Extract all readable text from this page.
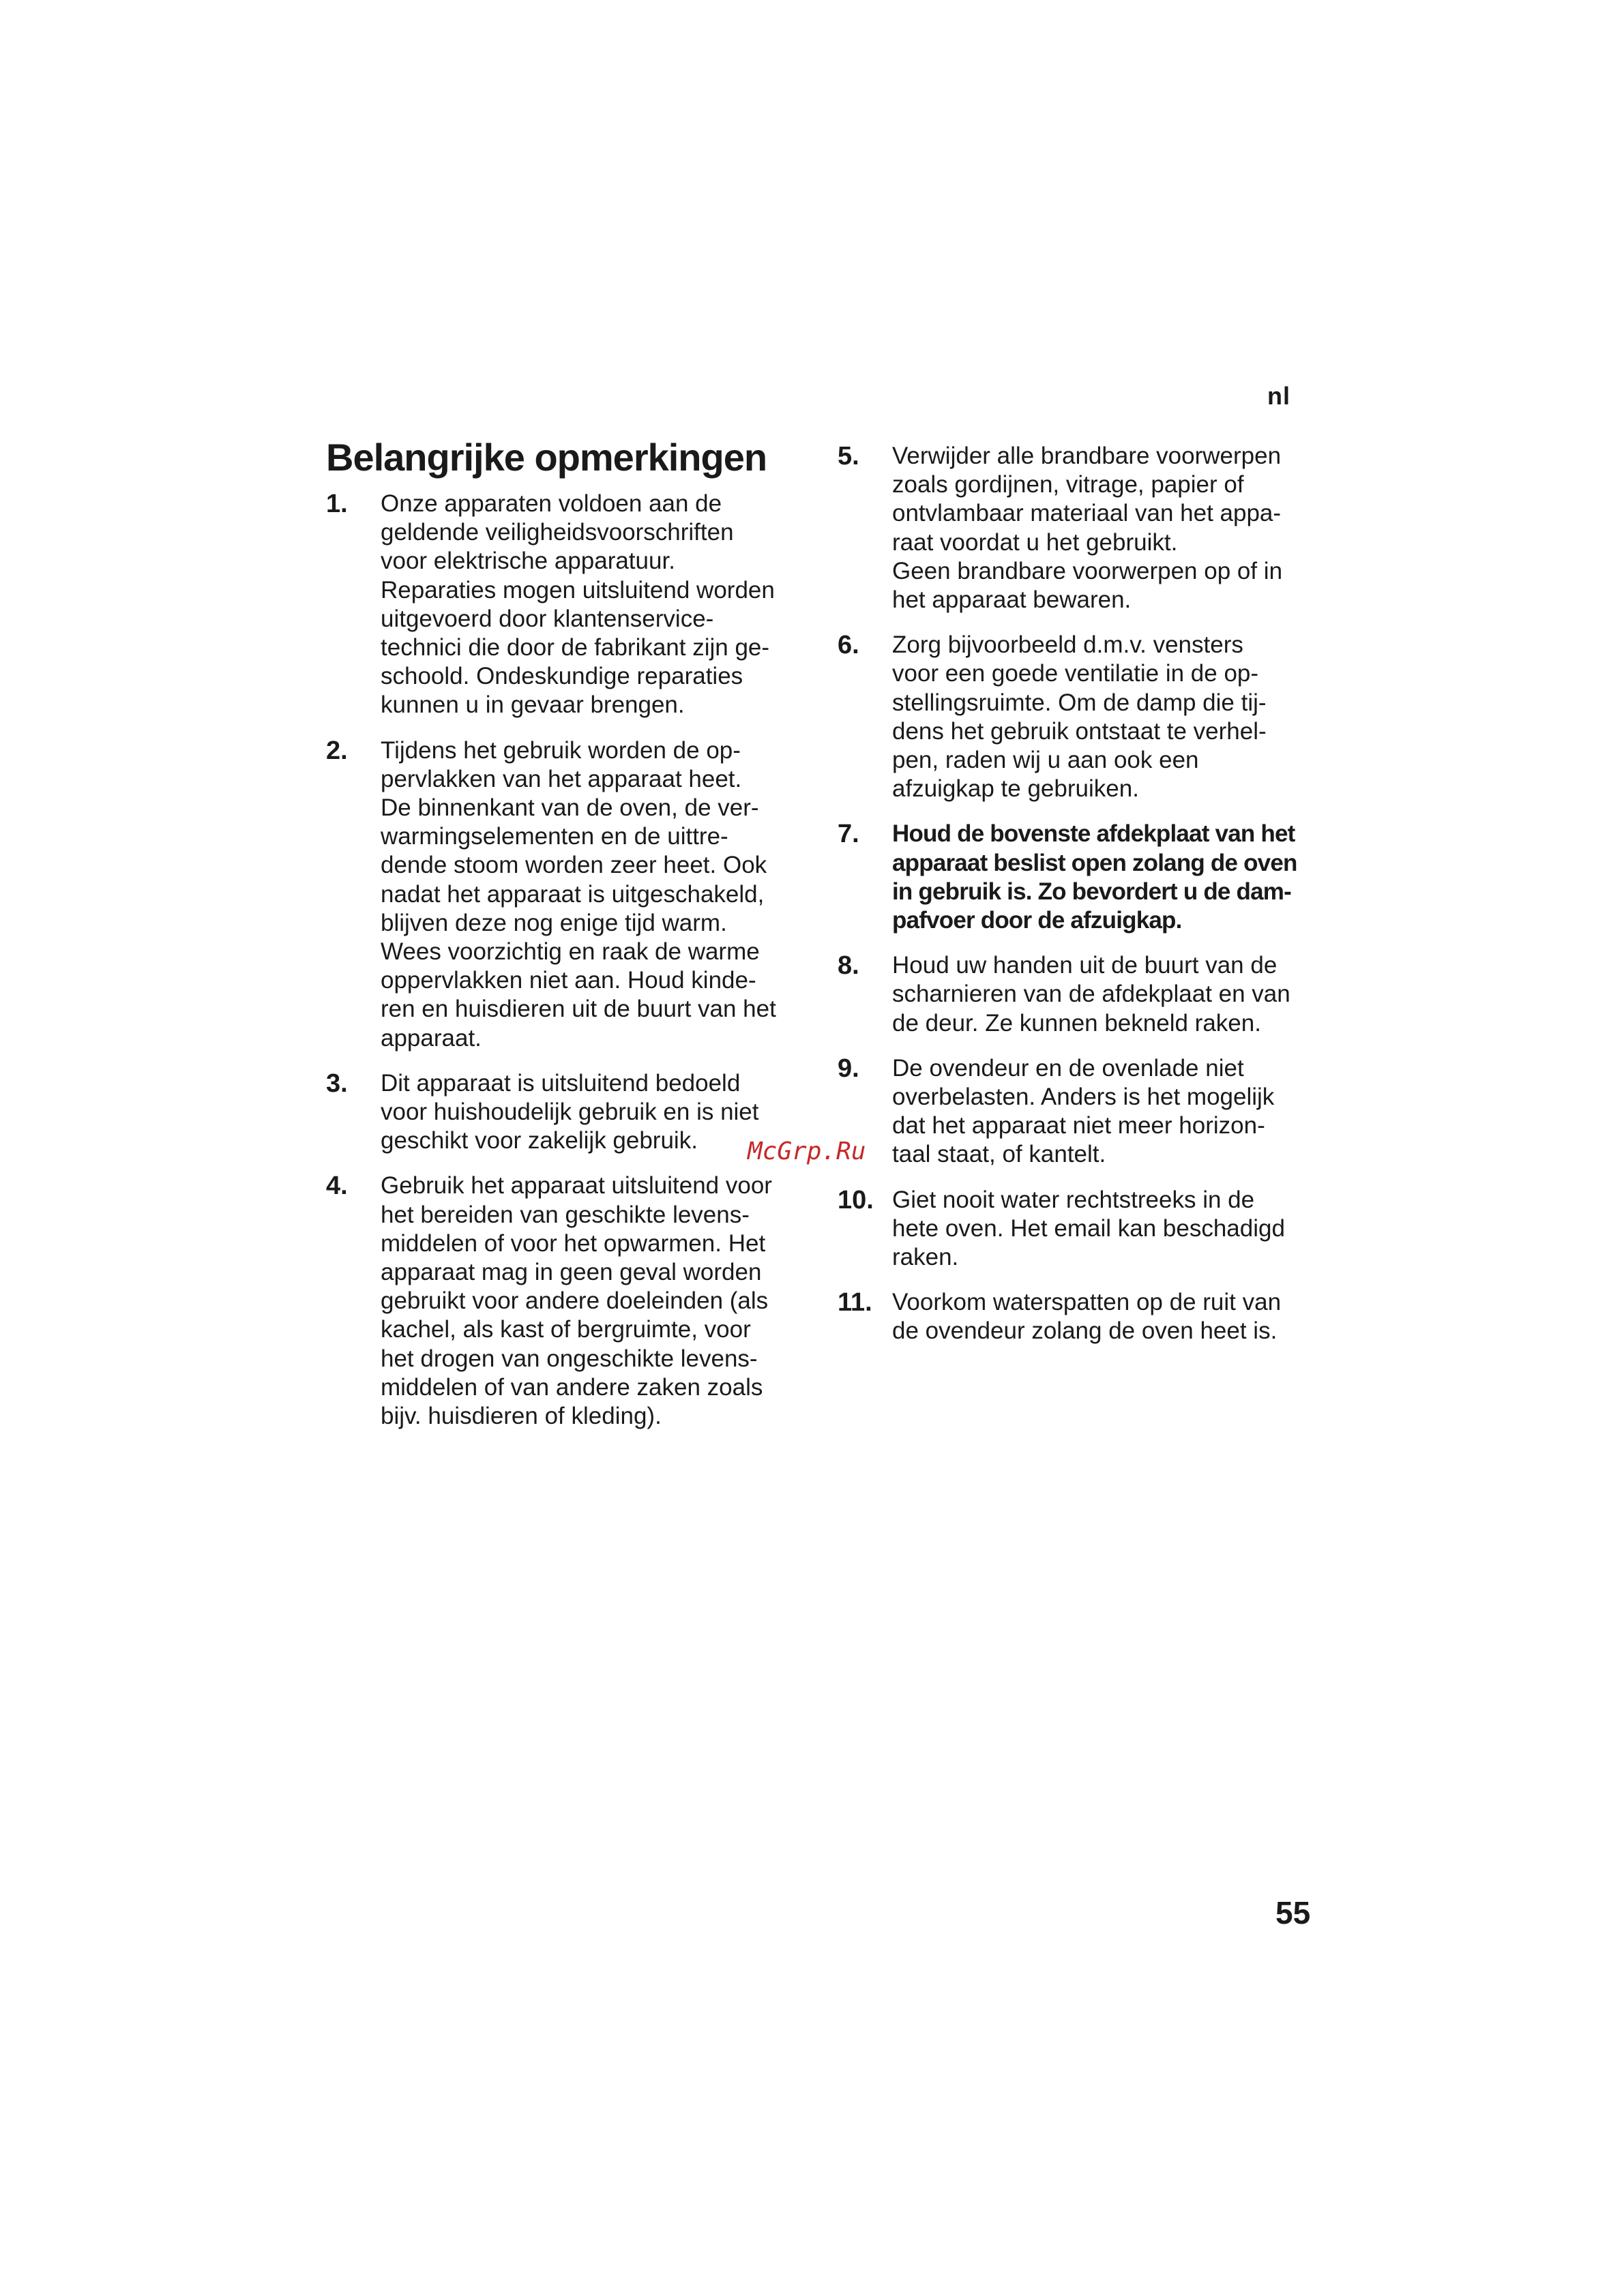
nl
Belangrijke opmerkingen
1.	Onze apparaten voldoen aan de
geldende veiligheidsvoorschriften
voor elektrische apparatuur.
Reparaties mogen uitsluitend worden
uitgevoerd door klantenservice-
technici die door de fabrikant zijn ge-
schoold. Ondeskundige reparaties
kunnen u in gevaar brengen.
2.	Tijdens het gebruik worden de op-
pervlakken van het apparaat heet.
De binnenkant van de oven, de ver-
warmingselementen en de uittre-
dende stoom worden zeer heet. Ook
nadat het apparaat is uitgeschakeld,
blijven deze nog enige tijd warm.
Wees voorzichtig en raak de warme
oppervlakken niet aan. Houd kinde-
ren en huisdieren uit de buurt van het
apparaat.
3.	Dit apparaat is uitsluitend bedoeld
voor huishoudelijk gebruik en is niet
geschikt voor zakelijk gebruik.
4.	Gebruik het apparaat uitsluitend voor
het bereiden van geschikte levens-
middelen of voor het opwarmen. Het
apparaat mag in geen geval worden
gebruikt voor andere doeleinden (als
kachel, als kast of bergruimte, voor
het drogen van ongeschikte levens-
middelen of van andere zaken zoals
bijv. huisdieren of kleding).
5.	Verwijder alle brandbare voorwerpen
zoals gordijnen, vitrage, papier of
ontvlambaar materiaal van het appa-
raat voordat u het gebruikt.
Geen brandbare voorwerpen op of in
het apparaat bewaren.
6.	Zorg bijvoorbeeld d.m.v. vensters
voor een goede ventilatie in de op-
stellingsruimte. Om de damp die tij-
dens het gebruik ontstaat te verhel-
pen, raden wij u aan ook een
afzuigkap te gebruiken.
7.	Houd de bovenste afdekplaat van het
apparaat beslist open zolang de oven
in gebruik is. Zo bevordert u de dam-
pafvoer door de afzuigkap.
8.	Houd uw handen uit de buurt van de
scharnieren van de afdekplaat en van
de deur. Ze kunnen bekneld raken.
9.	De ovendeur en de ovenlade niet
overbelasten. Anders is het mogelijk
dat het apparaat niet meer horizon-
taal staat, of kantelt.
10. Giet nooit water rechtstreeks in de
hete oven. Het email kan beschadigd
raken.
11. Voorkom waterspatten op de ruit van
de ovendeur zolang de oven heet is.
McGrp.Ru
55
